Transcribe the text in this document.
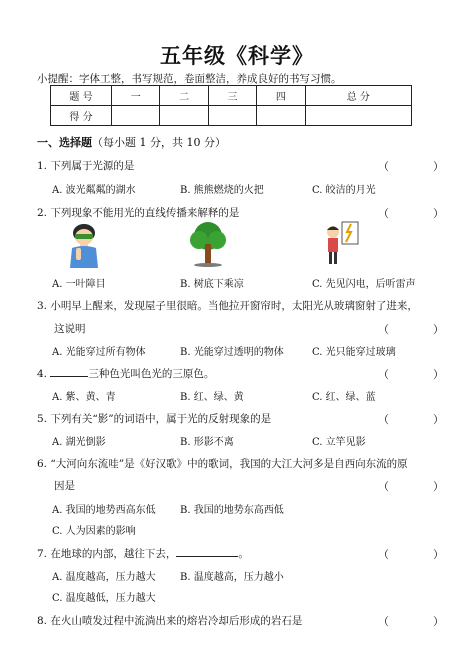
五年级《科学》
小提醒：字体工整，书写规范，卷面整洁，养成良好的书写习惯。
题 号	一	二	三	四	总 分
得 分					
一、选择题（每小题 1 分，共 10 分）
1. 下列属于光源的是	（　　　　）
A. 波光粼粼的湖水	B. 熊熊燃烧的火把	C. 皎洁的月光
2. 下列现象不能用光的直线传播来解释的是	（　　　　）
A. 一叶障目	B. 树底下乘凉	C. 先见闪电，后听雷声
3. 小明早上醒来，发现屋子里很暗。当他拉开窗帘时，太阳光从玻璃窗射了进来，
这说明	（　　　　）
A. 光能穿过所有物体	B. 光能穿过透明的物体	C. 光只能穿过玻璃
4.	三种色光叫色光的三原色。	（　　　　）
A. 紫、黄、青	B. 红、绿、黄	C. 红、绿、蓝
5. 下列有关“影”的词语中，属于光的反射现象的是	（　　　　）
A. 湖光倒影	B. 形影不离	C. 立竿见影
6. “大河向东流哇”是《好汉歌》中的歌词，我国的大江大河多是自西向东流的原
因是	（　　　　）
A. 我国的地势西高东低 B. 我国的地势东高西低
C. 人为因素的影响
7. 在地球的内部，越往下去，	。	（　　　　）
A. 温度越高，压力越大 B. 温度越高，压力越小
C. 温度越低，压力越大
8. 在火山喷发过程中流淌出来的熔岩冷却后形成的岩石是	（　　　　）
